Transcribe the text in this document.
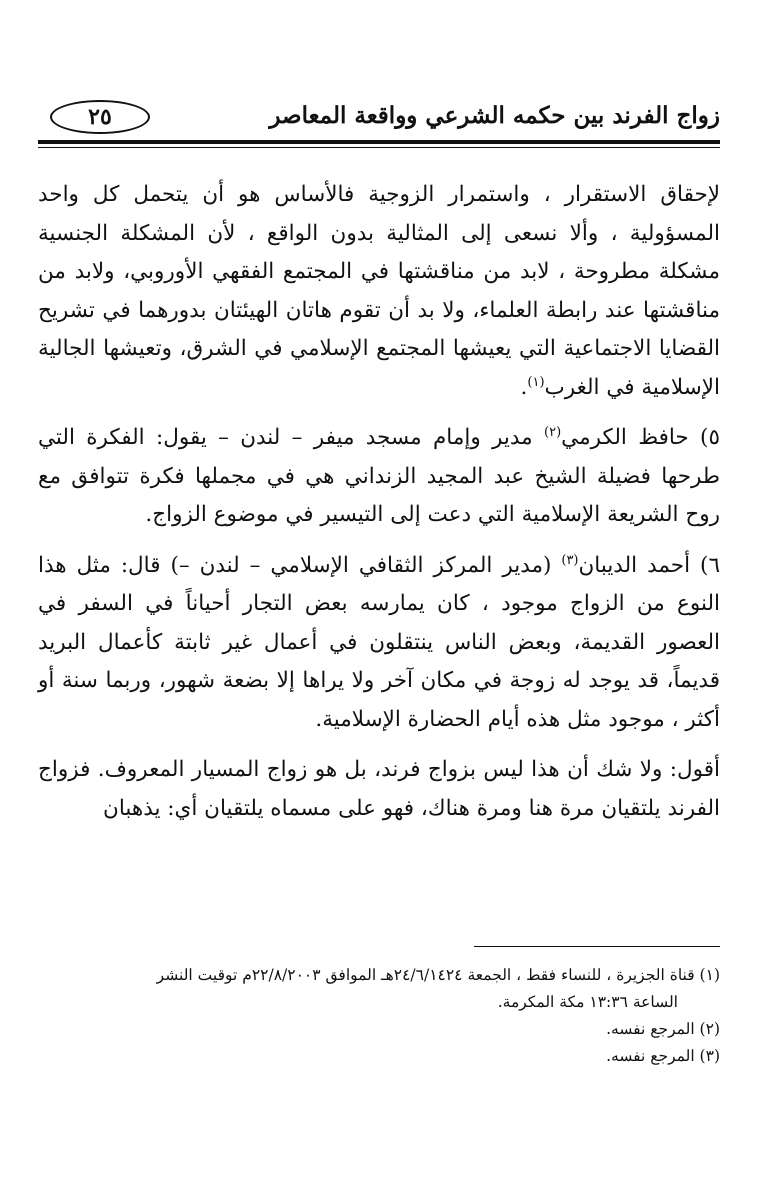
زواج الفرند بين حكمه الشرعي وواقعة المعاصر
٢٥

لإحقاق الاستقرار ، واستمرار الزوجية فالأساس هو أن يتحمل كل واحد المسؤولية ، وألا نسعى إلى المثالية بدون الواقع ، لأن المشكلة الجنسية مشكلة مطروحة ، لابد من مناقشتها في المجتمع الفقهي الأوروبي، ولابد من مناقشتها عند رابطة العلماء، ولا بد أن تقوم هاتان الهيئتان بدورهما في تشريح القضايا الاجتماعية التي يعيشها المجتمع الإسلامي في الشرق، وتعيشها الجالية الإسلامية في الغرب$^{(١)}$.

٥) حافظ الكرمي$^{(٢)}$ مدير وإمام مسجد ميفر – لندن – يقول: الفكرة التي طرحها فضيلة الشيخ عبد المجيد الزنداني هي في مجملها فكرة تتوافق مع روح الشريعة الإسلامية التي دعت إلى التيسير في موضوع الزواج.

٦) أحمد الديبان$^{(٣)}$ (مدير المركز الثقافي الإسلامي – لندن –) قال: مثل هذا النوع من الزواج موجود ، كان يمارسه بعض التجار أحياناً في السفر في العصور القديمة، وبعض الناس ينتقلون في أعمال غير ثابتة كأعمال البريد قديماً، قد يوجد له زوجة في مكان آخر ولا يراها إلا بضعة شهور، وربما سنة أو أكثر ، موجود مثل هذه أيام الحضارة الإسلامية.

أقول: ولا شك أن هذا ليس بزواج فرند، بل هو زواج المسيار المعروف. فزواج الفرند يلتقيان مرة هنا ومرة هناك، فهو على مسماه يلتقيان أي: يذهبان

(١) قناة الجزيرة ، للنساء فقط ، الجمعة ٢٤/٦/١٤٢٤هـ الموافق ٢٢/٨/٢٠٠٣م توقيت النشر

الساعة ١٣:٣٦ مكة المكرمة.

(٢) المرجع نفسه.

(٣) المرجع نفسه.
